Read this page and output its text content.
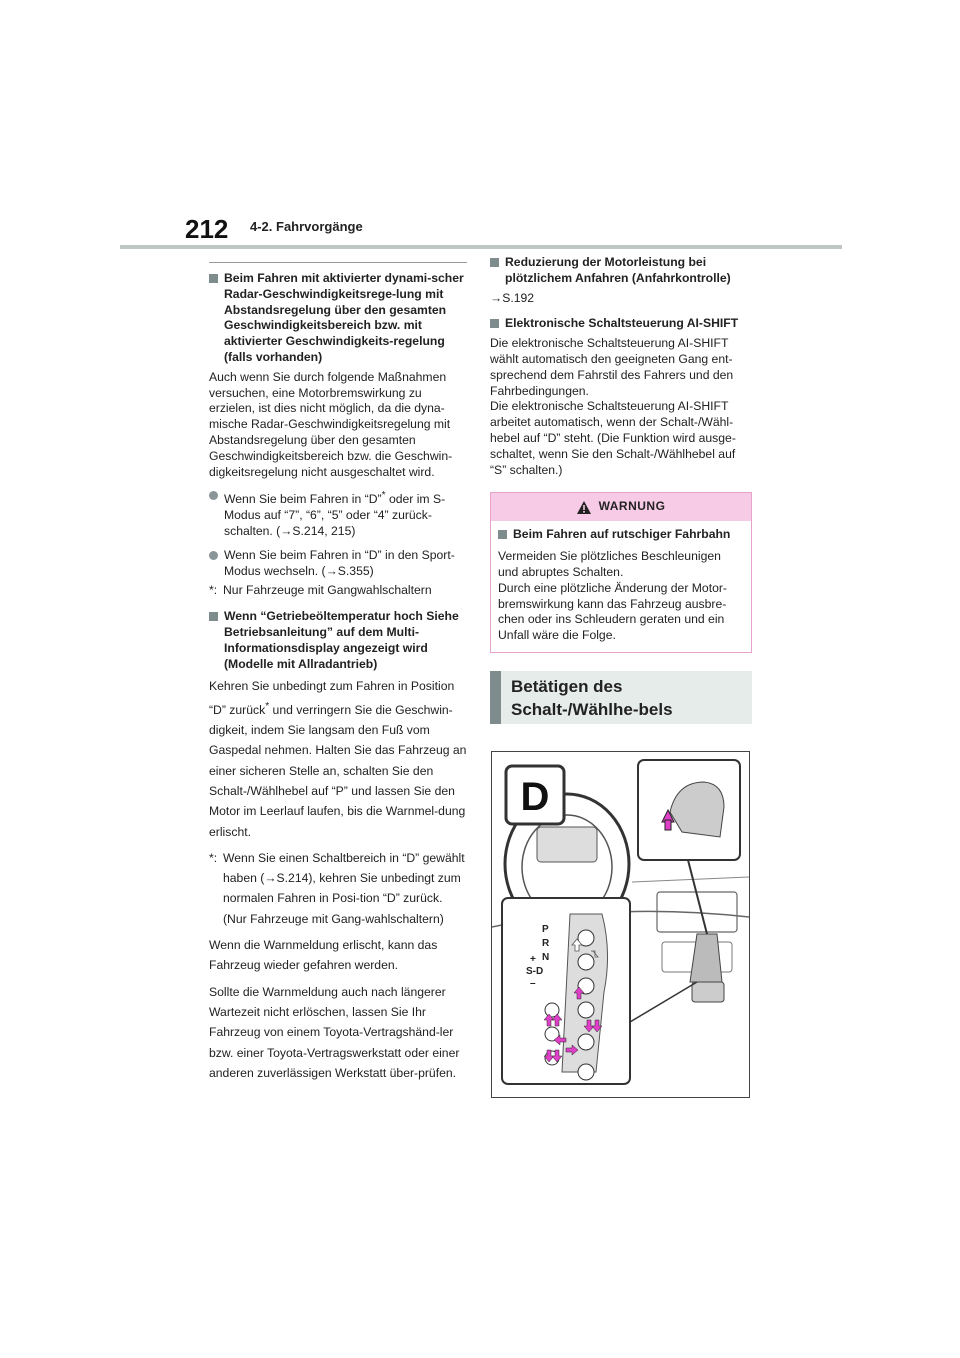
212 4-2. Fahrvorgänge
Beim Fahren mit aktivierter dynami-scher Radar-Geschwindigkeitsrege-lung mit Abstandsregelung über den gesamten Geschwindigkeitsbereich bzw. mit aktivierter Geschwindigkeits-regelung (falls vorhanden)

Auch wenn Sie durch folgende Maßnahmen versuchen, eine Motorbremswirkung zu erzielen, ist dies nicht möglich, da die dyna-mische Radar-Geschwindigkeitsregelung mit Abstandsregelung über den gesamten Geschwindigkeitsbereich bzw. die Geschwin-digkeitsregelung nicht ausgeschaltet wird.

Wenn Sie beim Fahren in “D”* oder im S-Modus auf “7”, “6”, “5” oder “4” zurück-schalten. (→S.214, 215)
Wenn Sie beim Fahren in “D” in den Sport-Modus wechseln. (→S.355)
*: Nur Fahrzeuge mit Gangwahlschaltern
Wenn “Getriebeöltemperatur hoch Siehe Betriebsanleitung” auf dem Multi-Informationsdisplay angezeigt wird (Modelle mit Allradantrieb)

Kehren Sie unbedingt zum Fahren in Position “D” zurück* und verringern Sie die Geschwin-digkeit, indem Sie langsam den Fuß vom Gaspedal nehmen. Halten Sie das Fahrzeug an einer sicheren Stelle an, schalten Sie den Schalt-/Wählhebel auf “P” und lassen Sie den Motor im Leerlauf laufen, bis die Warnmel-dung erlischt.

*: Wenn Sie einen Schaltbereich in “D” gewählt haben (→S.214), kehren Sie unbedingt zum normalen Fahren in Posi-tion “D” zurück. (Nur Fahrzeuge mit Gang-wahlschaltern)

Wenn die Warnmeldung erlischt, kann das Fahrzeug wieder gefahren werden.

Sollte die Warnmeldung auch nach längerer Wartezeit nicht erlöschen, lassen Sie Ihr Fahrzeug von einem Toyota-Vertragshänd-ler bzw. einer Toyota-Vertragswerkstatt oder einer anderen zuverlässigen Werkstatt über-prüfen.

Reduzierung der Motorleistung bei plötzlichem Anfahren (Anfahrkontrolle)

→S.192

Elektronische Schaltsteuerung AI-SHIFT

Die elektronische Schaltsteuerung AI-SHIFT wählt automatisch den geeigneten Gang ent-sprechend dem Fahrstil des Fahrers und den Fahrbedingungen.

Die elektronische Schaltsteuerung AI-SHIFT arbeitet automatisch, wenn der Schalt-/Wähl-hebel auf “D” steht. (Die Funktion wird ausge-schaltet, wenn Sie den Schalt-/Wählhebel auf “S” schalten.)

WARNUNG
Beim Fahren auf rutschiger Fahrbahn

Vermeiden Sie plötzliches Beschleunigen und abruptes Schalten.

Durch eine plötzliche Änderung der Motor-bremswirkung kann das Fahrzeug ausbre-chen oder ins Schleudern geraten und ein Unfall wäre die Folge.

Betätigen des Schalt-/Wählhe-bels
D
P
R
N
+
S-D
–
